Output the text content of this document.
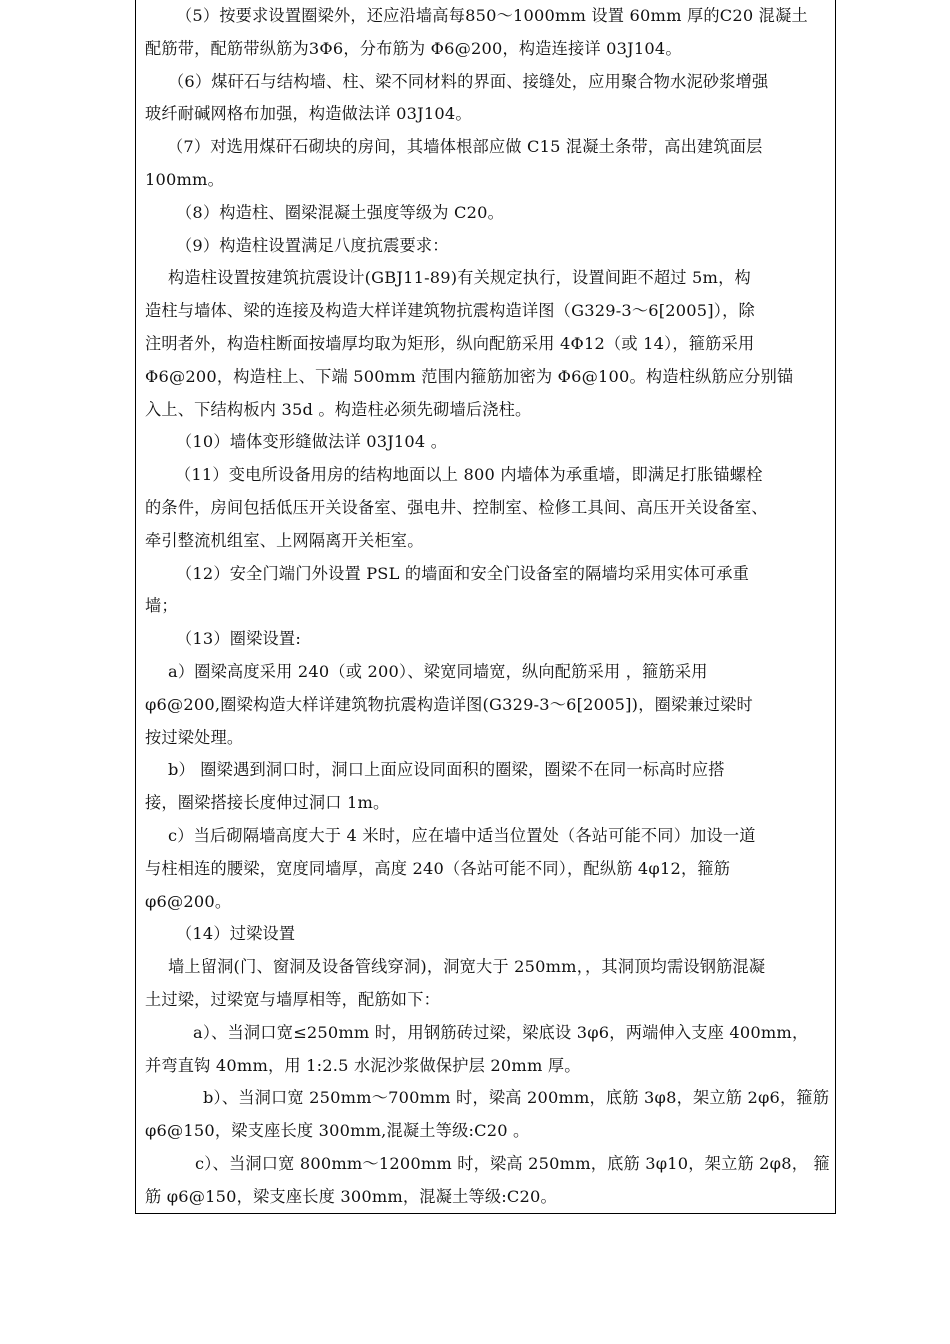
（5）按要求设置圈梁外，还应沿墙高每850～1000mm 设置 60mm 厚的C20 混凝土
配筋带，配筋带纵筋为3Φ6，分布筋为 Φ6@200，构造连接详 03J104。
（6）煤矸石与结构墙、柱、梁不同材料的界面、接缝处，应用聚合物水泥砂浆增强
玻纤耐碱网格布加强，构造做法详 03J104。
（7）对选用煤矸石砌块的房间，其墙体根部应做 C15 混凝土条带，高出建筑面层
100mm。
（8）构造柱、圈梁混凝土强度等级为 C20。
（9）构造柱设置满足八度抗震要求：
构造柱设置按建筑抗震设计(GBJ11-89)有关规定执行，设置间距不超过 5m，构
造柱与墙体、梁的连接及构造大样详建筑物抗震构造详图（G329-3～6[2005]），除
注明者外，构造柱断面按墙厚均取为矩形，纵向配筋采用 4Φ12（或 14），箍筋采用
Φ6@200，构造柱上、下端 500mm 范围内箍筋加密为 Φ6@100。构造柱纵筋应分别锚
入上、下结构板内 35d 。构造柱必须先砌墙后浇柱。
（10）墙体变形缝做法详 03J104 。
（11）变电所设备用房的结构地面以上 800 内墙体为承重墙，即满足打胀锚螺栓
的条件，房间包括低压开关设备室、强电井、控制室、检修工具间、高压开关设备室、
牵引整流机组室、上网隔离开关柜室。
（12）安全门端门外设置 PSL 的墙面和安全门设备室的隔墙均采用实体可承重
墙；
（13）圈梁设置:
a）圈梁高度采用 240（或 200）、梁宽同墙宽，纵向配筋采用 ，箍筋采用
φ6@200,圈梁构造大样详建筑物抗震构造详图(G329-3～6[2005])，圈梁兼过梁时
按过梁处理。
b） 圈梁遇到洞口时，洞口上面应设同面积的圈梁，圈梁不在同一标高时应搭
接，圈梁搭接长度伸过洞口 1m。
c）当后砌隔墙高度大于 4 米时，应在墙中适当位置处（各站可能不同）加设一道
与柱相连的腰梁，宽度同墙厚，高度 240（各站可能不同），配纵筋 4φ12，箍筋
φ6@200。
（14）过梁设置
墙上留洞(门、窗洞及设备管线穿洞)，洞宽大于 250mm，，其洞顶均需设钢筋混凝
土过梁，过梁宽与墙厚相等，配筋如下：
a）、当洞口宽≤250mm 时，用钢筋砖过梁，梁底设 3φ6，两端伸入支座 400mm，
并弯直钩 40mm，用 1:2.5 水泥沙浆做保护层 20mm 厚。
b）、当洞口宽 250mm～700mm 时，梁高 200mm，底筋 3φ8，架立筋 2φ6，箍筋
φ6@150，梁支座长度 300mm,混凝土等级:C20 。
c）、当洞口宽 800mm～1200mm 时，梁高 250mm，底筋 3φ10，架立筋 2φ8， 箍
筋 φ6@150，梁支座长度 300mm，混凝土等级:C20。
